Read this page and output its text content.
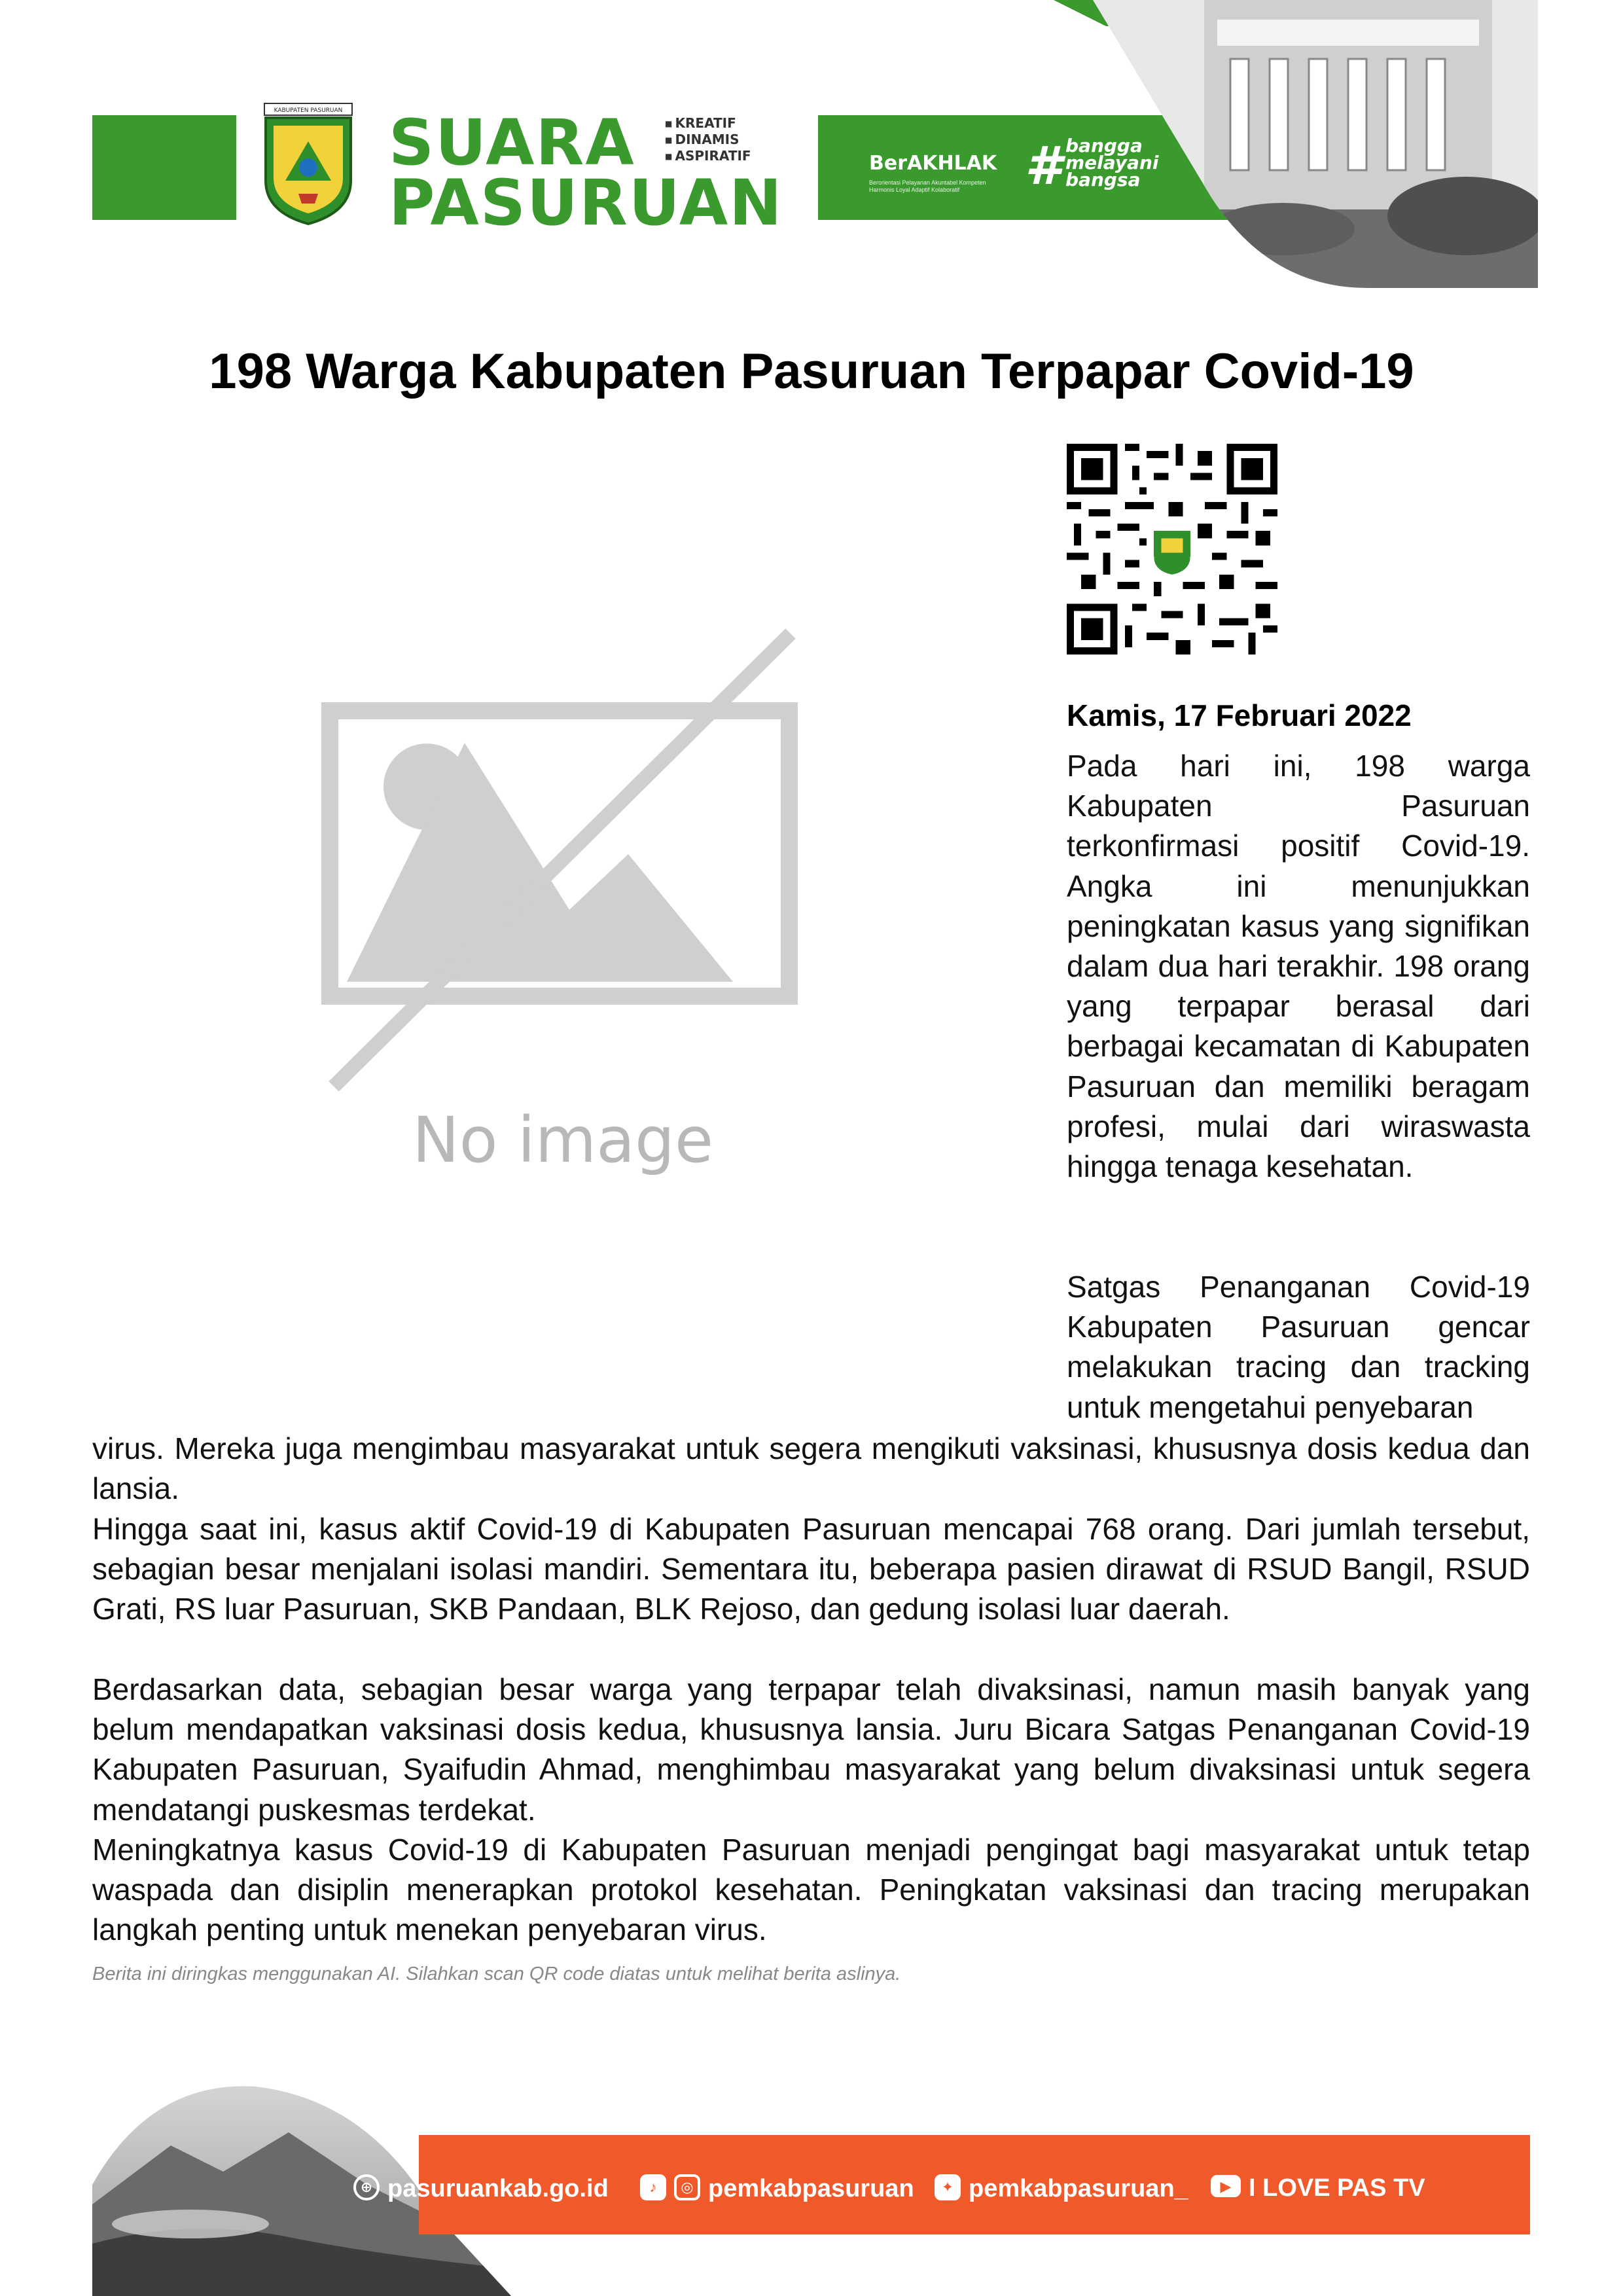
KABUPATEN PASURUAN SUARA
PASURUAN
■ KREATIF
■ DINAMIS
■ ASPIRATIF	BerAKHLAK
Berorientasi Pelayanan Akuntabel Kompeten Harmonis Loyal Adaptif Kolaboratif	# bangga
melayani
bangsa
198 Warga Kabupaten Pasuruan Terpapar Covid-19
No image
Kamis, 17 Februari 2022

Pada hari ini, 198 warga Kabupaten Pasuruan terkonfirmasi positif Covid-19. Angka ini menunjukkan peningkatan kasus yang signifikan dalam dua hari terakhir. 198 orang yang terpapar berasal dari berbagai kecamatan di Kabupaten Pasuruan dan memiliki beragam profesi, mulai dari wiraswasta hingga tenaga kesehatan.

Satgas Penanganan Covid-19 Kabupaten Pasuruan gencar melakukan tracing dan tracking untuk mengetahui penyebaran

virus. Mereka juga mengimbau masyarakat untuk segera mengikuti vaksinasi, khususnya dosis kedua dan lansia.

Hingga saat ini, kasus aktif Covid-19 di Kabupaten Pasuruan mencapai 768 orang. Dari jumlah tersebut, sebagian besar menjalani isolasi mandiri. Sementara itu, beberapa pasien dirawat di RSUD Bangil, RSUD Grati, RS luar Pasuruan, SKB Pandaan, BLK Rejoso, dan gedung isolasi luar daerah.

Berdasarkan data, sebagian besar warga yang terpapar telah divaksinasi, namun masih banyak yang belum mendapatkan vaksinasi dosis kedua, khususnya lansia. Juru Bicara Satgas Penanganan Covid-19 Kabupaten Pasuruan, Syaifudin Ahmad, menghimbau masyarakat yang belum divaksinasi untuk segera mendatangi puskesmas terdekat.

Meningkatnya kasus Covid-19 di Kabupaten Pasuruan menjadi pengingat bagi masyarakat untuk tetap waspada dan disiplin menerapkan protokol kesehatan. Peningkatan vaksinasi dan tracing merupakan langkah penting untuk menekan penyebaran virus.

Berita ini diringkas menggunakan AI. Silahkan scan QR code diatas untuk melihat berita aslinya.
⊕ pasuruankab.go.id	♪	◎ pemkabpasuruan	✦ pemkabpasuruan_	▶ I LOVE PAS TV
